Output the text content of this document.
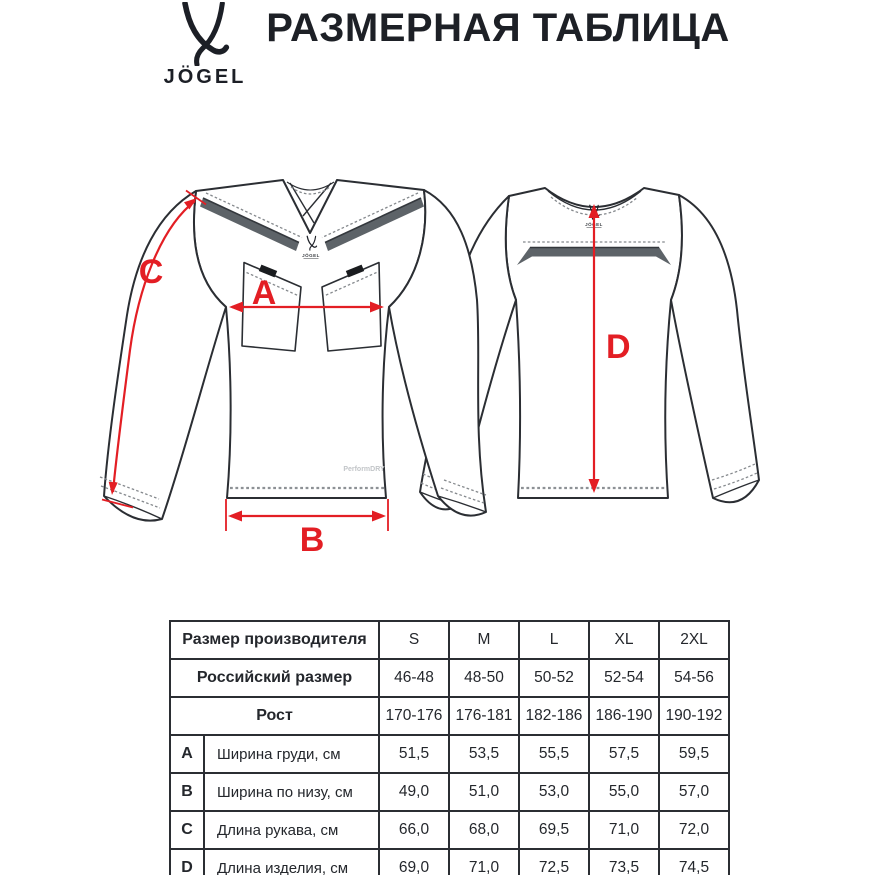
JÖGEL
РАЗМЕРНАЯ ТАБЛИЦА
JÖGEL
JÖGEL
PerformDRY
A
B
C
D
Размер производителя		S	M	L	XL	2XL
Российский размер		46-48	48-50	50-52	52-54	54-56
Рост		170-176	176-181	182-186	186-190	190-192
A	Ширина груди, см	51,5	53,5	55,5	57,5	59,5
B	Ширина по низу, см	49,0	51,0	53,0	55,0	57,0
C	Длина рукава, см	66,0	68,0	69,5	71,0	72,0
D	Длина изделия, см	69,0	71,0	72,5	73,5	74,5
